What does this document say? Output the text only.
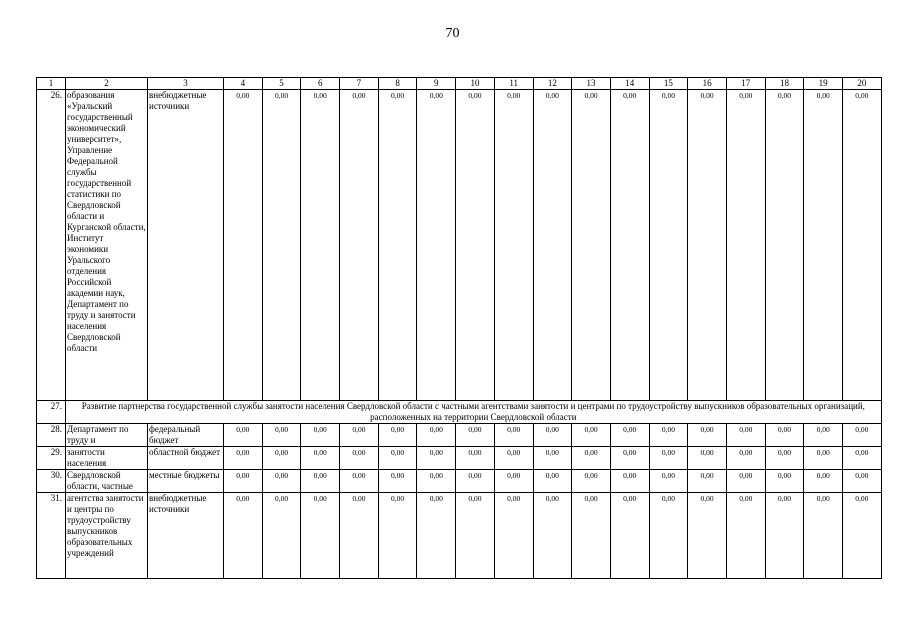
70
1	2	3	4	5	6	7	8	9	10	11	12	13	14	15	16	17	18	19	20
26.	образования «Уральский государственный экономический университет», Управление Федеральной службы государственной статистики по Свердловской области и Курганской области, Институт экономики Уральского отделения Российской академии наук, Департамент по труду и занятости населения Свердловской области	внебюджетные источники	0,00	0,00	0,00	0,00	0,00	0,00	0,00	0,00	0,00	0,00	0,00	0,00	0,00	0,00	0,00	0,00	0,00
27.	Развитие партнерства государственной службы занятости населения Свердловской области с частными агентствами занятости и центрами по трудоустройству выпускников образовательных организаций, расположенных на территории Свердловской области																		
28.	Департамент по труду и	федеральный бюджет	0,00	0,00	0,00	0,00	0,00	0,00	0,00	0,00	0,00	0,00	0,00	0,00	0,00	0,00	0,00	0,00	0,00
29.	занятости населения	областной бюджет	0,00	0,00	0,00	0,00	0,00	0,00	0,00	0,00	0,00	0,00	0,00	0,00	0,00	0,00	0,00	0,00	0,00
30.	Свердловской области, частные	местные бюджеты	0,00	0,00	0,00	0,00	0,00	0,00	0,00	0,00	0,00	0,00	0,00	0,00	0,00	0,00	0,00	0,00	0,00
31.	агентства занятости и центры по трудоустройству выпускников образовательных учреждений	внебюджетные источники	0,00	0,00	0,00	0,00	0,00	0,00	0,00	0,00	0,00	0,00	0,00	0,00	0,00	0,00	0,00	0,00	0,00
